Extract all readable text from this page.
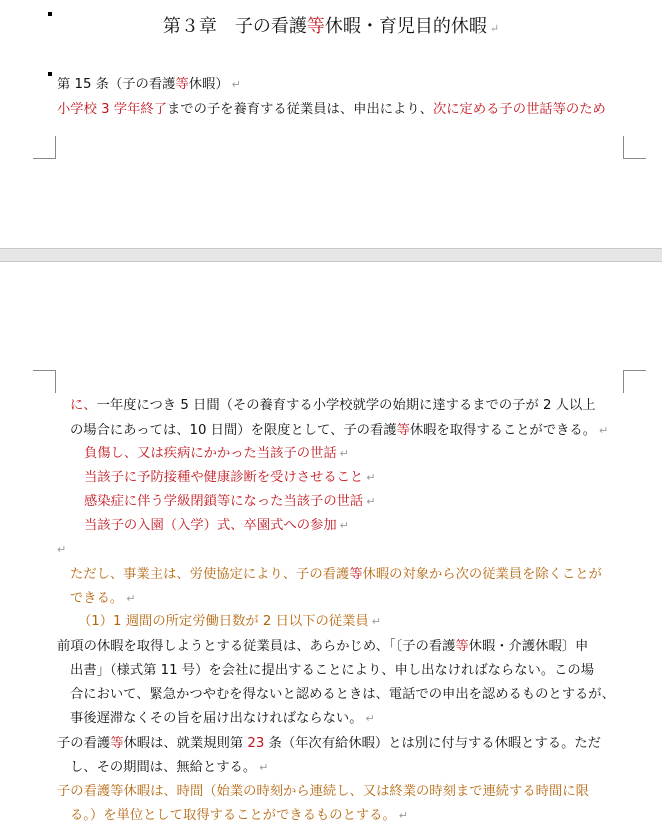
第３章　子の看護等休暇・育児目的休暇 ↵
第 15 条（子の看護等休暇） ↵
小学校 3 学年終了までの子を養育する従業員は、申出により、次に定める子の世話等のため
に、一年度につき 5 日間（その養育する小学校就学の始期に達するまでの子が 2 人以上
の場合にあっては、10 日間）を限度として、子の看護等休暇を取得することができる。 ↵
負傷し、又は疾病にかかった当該子の世話 ↵
当該子に予防接種や健康診断を受けさせること ↵
感染症に伴う学級閉鎖等になった当該子の世話 ↵
当該子の入園（入学）式、卒園式への参加 ↵
↵
ただし、事業主は、労使協定により、子の看護等休暇の対象から次の従業員を除くことが
できる。 ↵
（1）1 週間の所定労働日数が 2 日以下の従業員 ↵
前項の休暇を取得しようとする従業員は、あらかじめ、「〔子の看護等休暇・介護休暇〕申
出書」（様式第 11 号）を会社に提出することにより、申し出なければならない。この場
合において、緊急かつやむを得ないと認めるときは、電話での申出を認めるものとするが、
事後遅滞なくその旨を届け出なければならない。 ↵
子の看護等休暇は、就業規則第 23 条（年次有給休暇）とは別に付与する休暇とする。ただ
し、その期間は、無給とする。 ↵
子の看護等休暇は、時間（始業の時刻から連続し、又は終業の時刻まで連続する時間に限
る。）を単位として取得することができるものとする。 ↵
